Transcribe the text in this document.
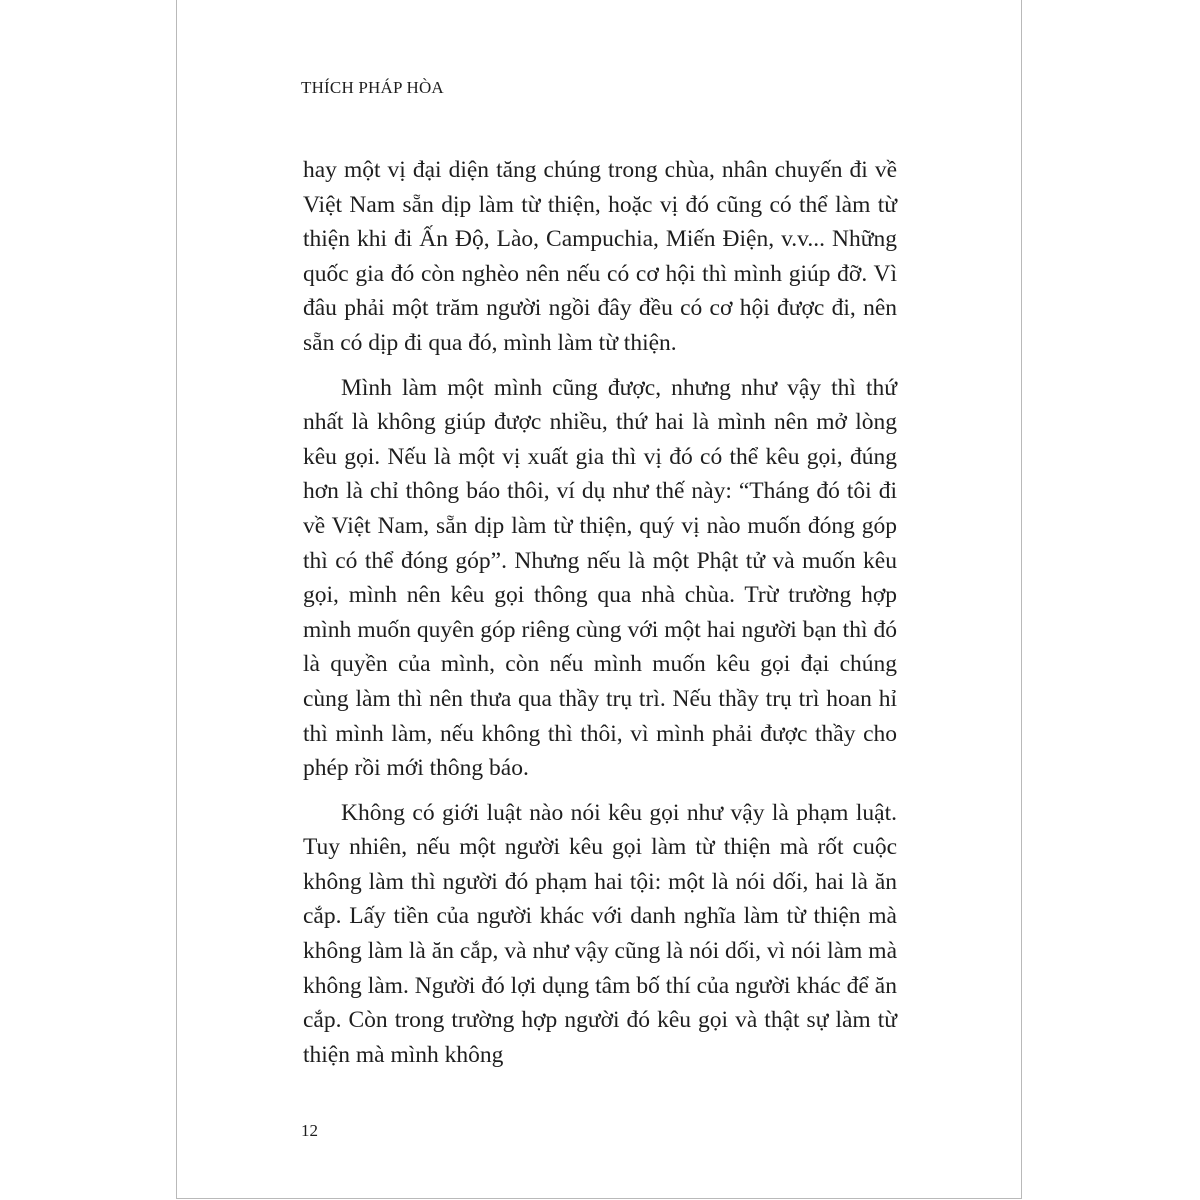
THÍCH PHÁP HÒA

hay một vị đại diện tăng chúng trong chùa, nhân chuyến đi về Việt Nam sẵn dịp làm từ thiện, hoặc vị đó cũng có thể làm từ thiện khi đi Ấn Độ, Lào, Campuchia, Miến Điện, v.v... Những quốc gia đó còn nghèo nên nếu có cơ hội thì mình giúp đỡ. Vì đâu phải một trăm người ngồi đây đều có cơ hội được đi, nên sẵn có dịp đi qua đó, mình làm từ thiện.

Mình làm một mình cũng được, nhưng như vậy thì thứ nhất là không giúp được nhiều, thứ hai là mình nên mở lòng kêu gọi. Nếu là một vị xuất gia thì vị đó có thể kêu gọi, đúng hơn là chỉ thông báo thôi, ví dụ như thế này: “Tháng đó tôi đi về Việt Nam, sẵn dịp làm từ thiện, quý vị nào muốn đóng góp thì có thể đóng góp”. Nhưng nếu là một Phật tử và muốn kêu gọi, mình nên kêu gọi thông qua nhà chùa. Trừ trường hợp mình muốn quyên góp riêng cùng với một hai người bạn thì đó là quyền của mình, còn nếu mình muốn kêu gọi đại chúng cùng làm thì nên thưa qua thầy trụ trì. Nếu thầy trụ trì hoan hỉ thì mình làm, nếu không thì thôi, vì mình phải được thầy cho phép rồi mới thông báo.

Không có giới luật nào nói kêu gọi như vậy là phạm luật. Tuy nhiên, nếu một người kêu gọi làm từ thiện mà rốt cuộc không làm thì người đó phạm hai tội: một là nói dối, hai là ăn cắp. Lấy tiền của người khác với danh nghĩa làm từ thiện mà không làm là ăn cắp, và như vậy cũng là nói dối, vì nói làm mà không làm. Người đó lợi dụng tâm bố thí của người khác để ăn cắp. Còn trong trường hợp người đó kêu gọi và thật sự làm từ thiện mà mình không

12
